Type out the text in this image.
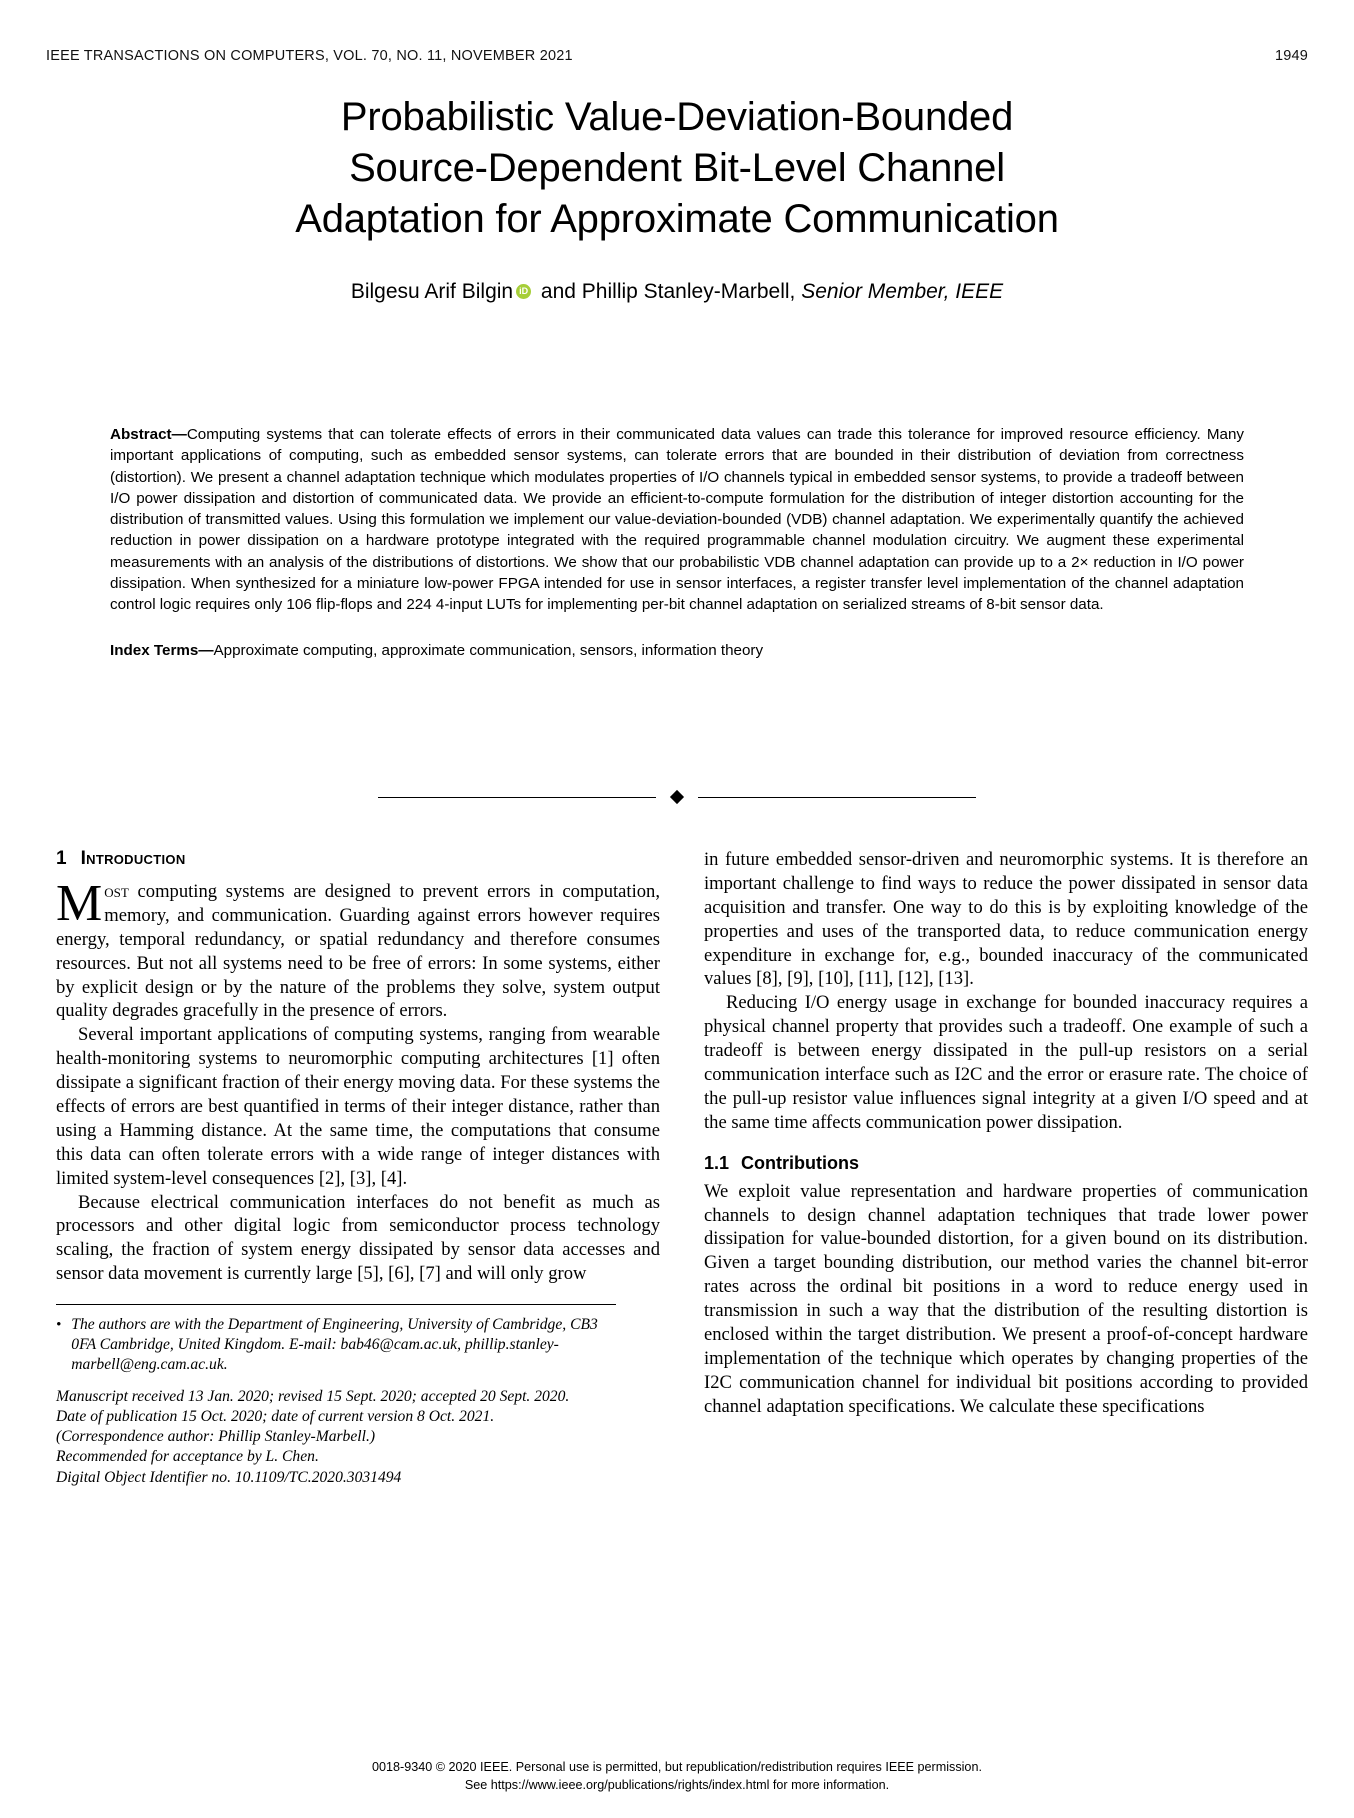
IEEE TRANSACTIONS ON COMPUTERS, VOL. 70, NO. 11, NOVEMBER 2021	1949
Probabilistic Value-Deviation-Bounded
Source-Dependent Bit-Level Channel
Adaptation for Approximate Communication
Bilgesu Arif Bilgin iD and Phillip Stanley-Marbell, Senior Member, IEEE
Abstract—Computing systems that can tolerate effects of errors in their communicated data values can trade this tolerance for improved resource efficiency. Many important applications of computing, such as embedded sensor systems, can tolerate errors that are bounded in their distribution of deviation from correctness (distortion). We present a channel adaptation technique which modulates properties of I/O channels typical in embedded sensor systems, to provide a tradeoff between I/O power dissipation and distortion of communicated data. We provide an efficient-to-compute formulation for the distribution of integer distortion accounting for the distribution of transmitted values. Using this formulation we implement our value-deviation-bounded (VDB) channel adaptation. We experimentally quantify the achieved reduction in power dissipation on a hardware prototype integrated with the required programmable channel modulation circuitry. We augment these experimental measurements with an analysis of the distributions of distortions. We show that our probabilistic VDB channel adaptation can provide up to a 2× reduction in I/O power dissipation. When synthesized for a miniature low-power FPGA intended for use in sensor interfaces, a register transfer level implementation of the channel adaptation control logic requires only 106 flip-flops and 224 4-input LUTs for implementing per-bit channel adaptation on serialized streams of 8-bit sensor data.
Index Terms—Approximate computing, approximate communication, sensors, information theory
1 Introduction

Most computing systems are designed to prevent errors in computation, memory, and communication. Guarding against errors however requires energy, temporal redundancy, or spatial redundancy and therefore consumes resources. But not all systems need to be free of errors: In some systems, either by explicit design or by the nature of the problems they solve, system output quality degrades gracefully in the presence of errors.

Several important applications of computing systems, ranging from wearable health-monitoring systems to neuromorphic computing architectures [1] often dissipate a significant fraction of their energy moving data. For these systems the effects of errors are best quantified in terms of their integer distance, rather than using a Hamming distance. At the same time, the computations that consume this data can often tolerate errors with a wide range of integer distances with limited system-level consequences [2], [3], [4].

Because electrical communication interfaces do not benefit as much as processors and other digital logic from semiconductor process technology scaling, the fraction of system energy dissipated by sensor data accesses and sensor data movement is currently large [5], [6], [7] and will only grow

• The authors are with the Department of Engineering, University of Cambridge, CB3 0FA Cambridge, United Kingdom. E-mail: bab46@cam.ac.uk, phillip.stanley-marbell@eng.cam.ac.uk.
Manuscript received 13 Jan. 2020; revised 15 Sept. 2020; accepted 20 Sept. 2020.
Date of publication 15 Oct. 2020; date of current version 8 Oct. 2021.
(Correspondence author: Phillip Stanley-Marbell.)
Recommended for acceptance by L. Chen.
Digital Object Identifier no. 10.1109/TC.2020.3031494

in future embedded sensor-driven and neuromorphic systems. It is therefore an important challenge to find ways to reduce the power dissipated in sensor data acquisition and transfer. One way to do this is by exploiting knowledge of the properties and uses of the transported data, to reduce communication energy expenditure in exchange for, e.g., bounded inaccuracy of the communicated values [8], [9], [10], [11], [12], [13].

Reducing I/O energy usage in exchange for bounded inaccuracy requires a physical channel property that provides such a tradeoff. One example of such a tradeoff is between energy dissipated in the pull-up resistors on a serial communication interface such as I2C and the error or erasure rate. The choice of the pull-up resistor value influences signal integrity at a given I/O speed and at the same time affects communication power dissipation.

1.1 Contributions

We exploit value representation and hardware properties of communication channels to design channel adaptation techniques that trade lower power dissipation for value-bounded distortion, for a given bound on its distribution. Given a target bounding distribution, our method varies the channel bit-error rates across the ordinal bit positions in a word to reduce energy used in transmission in such a way that the distribution of the resulting distortion is enclosed within the target distribution. We present a proof-of-concept hardware implementation of the technique which operates by changing properties of the I2C communication channel for individual bit positions according to provided channel adaptation specifications. We calculate these specifications

0018-9340 © 2020 IEEE. Personal use is permitted, but republication/redistribution requires IEEE permission.
See https://www.ieee.org/publications/rights/index.html for more information.
